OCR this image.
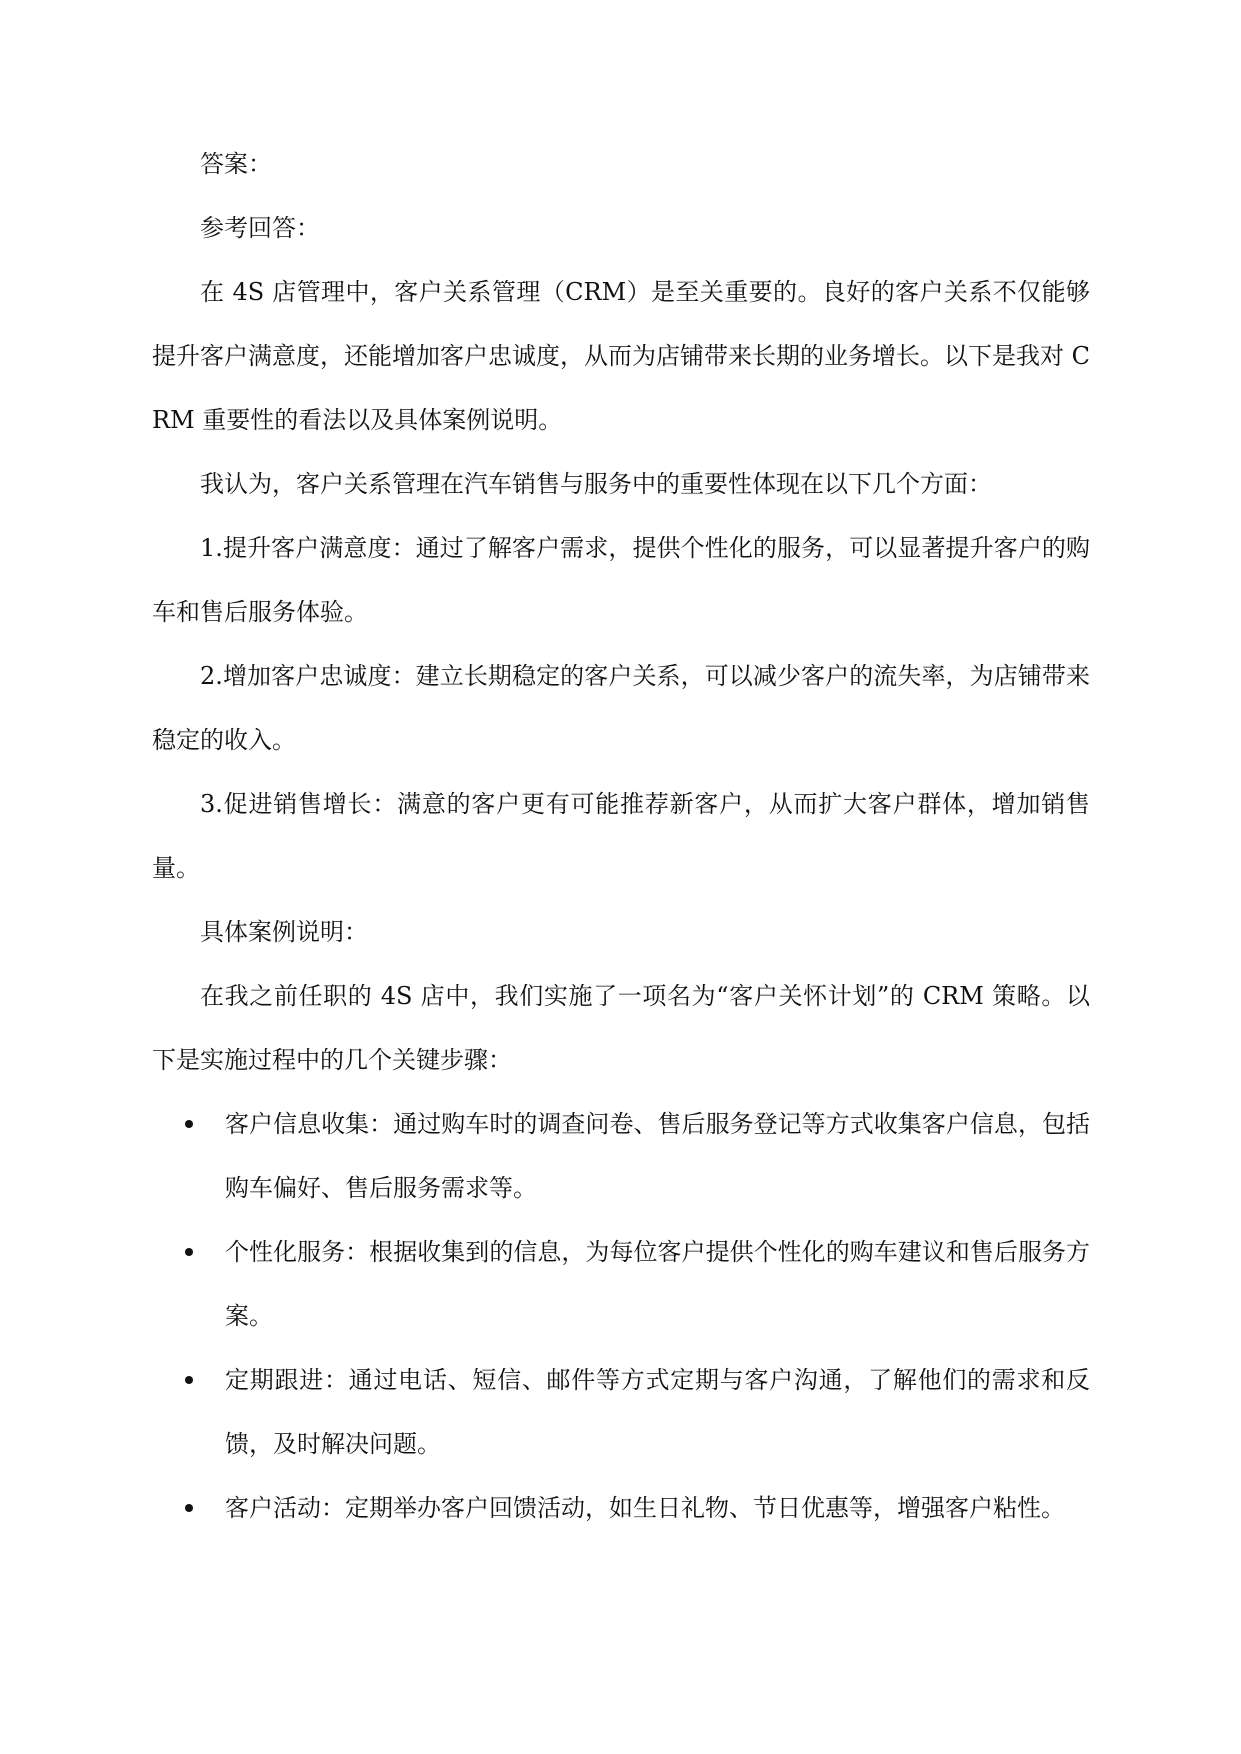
答案：

参考回答：

在 4S 店管理中，客户关系管理（CRM）是至关重要的。良好的客户关系不仅能够提升客户满意度，还能增加客户忠诚度，从而为店铺带来长期的业务增长。以下是我对 CRM 重要性的看法以及具体案例说明。

我认为，客户关系管理在汽车销售与服务中的重要性体现在以下几个方面：

1.提升客户满意度：通过了解客户需求，提供个性化的服务，可以显著提升客户的购车和售后服务体验。

2.增加客户忠诚度：建立长期稳定的客户关系，可以减少客户的流失率，为店铺带来稳定的收入。

3.促进销售增长：满意的客户更有可能推荐新客户，从而扩大客户群体，增加销售量。

具体案例说明：

在我之前任职的 4S 店中，我们实施了一项名为“客户关怀计划”的 CRM 策略。以下是实施过程中的几个关键步骤：

客户信息收集：通过购车时的调查问卷、售后服务登记等方式收集客户信息，包括购车偏好、售后服务需求等。
个性化服务：根据收集到的信息，为每位客户提供个性化的购车建议和售后服务方案。
定期跟进：通过电话、短信、邮件等方式定期与客户沟通，了解他们的需求和反馈，及时解决问题。
客户活动：定期举办客户回馈活动，如生日礼物、节日优惠等，增强客户粘性。
